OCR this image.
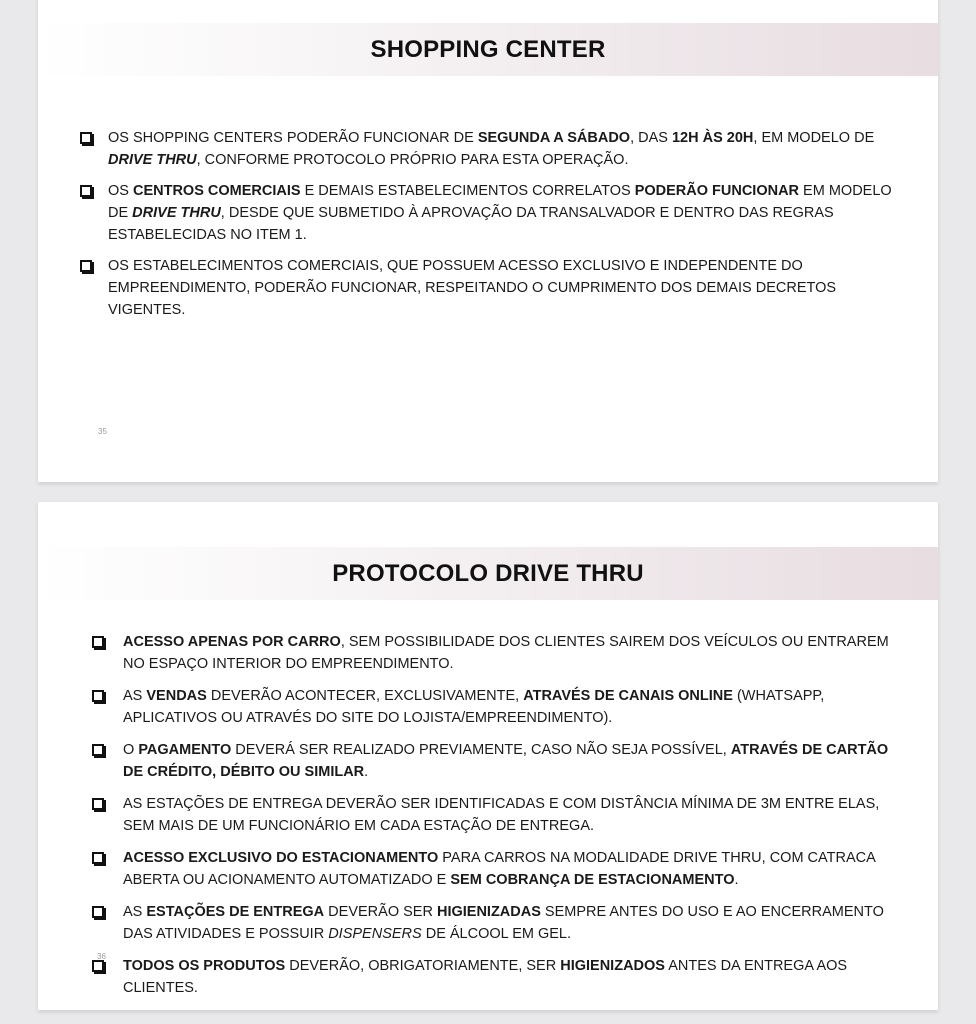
SHOPPING CENTER
OS SHOPPING CENTERS PODERÃO FUNCIONAR DE SEGUNDA A SÁBADO, DAS 12H ÀS 20H, EM MODELO DE DRIVE THRU, CONFORME PROTOCOLO PRÓPRIO PARA ESTA OPERAÇÃO.
OS CENTROS COMERCIAIS E DEMAIS ESTABELECIMENTOS CORRELATOS PODERÃO FUNCIONAR EM MODELO DE DRIVE THRU, DESDE QUE SUBMETIDO À APROVAÇÃO DA TRANSALVADOR E DENTRO DAS REGRAS ESTABELECIDAS NO ITEM 1.
OS ESTABELECIMENTOS COMERCIAIS, QUE POSSUEM ACESSO EXCLUSIVO E INDEPENDENTE DO EMPREENDIMENTO, PODERÃO FUNCIONAR, RESPEITANDO O CUMPRIMENTO DOS DEMAIS DECRETOS VIGENTES.
35
PROTOCOLO DRIVE THRU
ACESSO APENAS POR CARRO, SEM POSSIBILIDADE DOS CLIENTES SAIREM DOS VEÍCULOS OU ENTRAREM NO ESPAÇO INTERIOR DO EMPREENDIMENTO.
AS VENDAS DEVERÃO ACONTECER, EXCLUSIVAMENTE, ATRAVÉS DE CANAIS ONLINE (WHATSAPP, APLICATIVOS OU ATRAVÉS DO SITE DO LOJISTA/EMPREENDIMENTO).
O PAGAMENTO DEVERÁ SER REALIZADO PREVIAMENTE, CASO NÃO SEJA POSSÍVEL, ATRAVÉS DE CARTÃO DE CRÉDITO, DÉBITO OU SIMILAR.
AS ESTAÇÕES DE ENTREGA DEVERÃO SER IDENTIFICADAS E COM DISTÂNCIA MÍNIMA DE 3M ENTRE ELAS, SEM MAIS DE UM FUNCIONÁRIO EM CADA ESTAÇÃO DE ENTREGA.
ACESSO EXCLUSIVO DO ESTACIONAMENTO PARA CARROS NA MODALIDADE DRIVE THRU, COM CATRACA ABERTA OU ACIONAMENTO AUTOMATIZADO E SEM COBRANÇA DE ESTACIONAMENTO.
AS ESTAÇÕES DE ENTREGA DEVERÃO SER HIGIENIZADAS SEMPRE ANTES DO USO E AO ENCERRAMENTO DAS ATIVIDADES E POSSUIR DISPENSERS DE ÁLCOOL EM GEL.
TODOS OS PRODUTOS DEVERÃO, OBRIGATORIAMENTE, SER HIGIENIZADOS ANTES DA ENTREGA AOS CLIENTES.
36
